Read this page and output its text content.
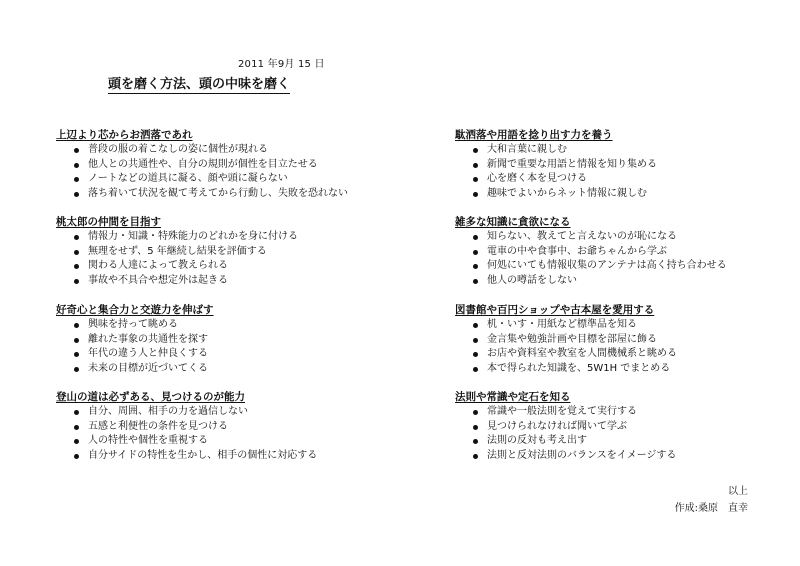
2011 年9月 15 日
頭を磨く方法、頭の中味を磨く
上辺より芯からお洒落であれ
普段の服の着こなしの姿に個性が現れる
他人との共通性や、自分の規則が個性を目立たせる
ノートなどの道具に凝る、顔や頭に凝らない
落ち着いて状況を観て考えてから行動し、失敗を恐れない
桃太郎の仲間を目指す
情報力・知識・特殊能力のどれかを身に付ける
無理をせず、5 年継続し結果を評価する
関わる人達によって教えられる
事故や不具合や想定外は起きる
好奇心と集合力と交遊力を伸ばす
興味を持って眺める
離れた事象の共通性を探す
年代の違う人と仲良くする
未来の目標が近づいてくる
登山の道は必ずある、見つけるのが能力
自分、周囲、相手の力を過信しない
五感と利便性の条件を見つける
人の特性や個性を重視する
自分サイドの特性を生かし、相手の個性に対応する
駄洒落や用語を捻り出す力を養う
大和言葉に親しむ
新聞で重要な用語と情報を知り集める
心を磨く本を見つける
趣味でよいからネット情報に親しむ
雑多な知識に貪欲になる
知らない、教えてと言えないのが恥になる
電車の中や食事中、お爺ちゃんから学ぶ
何処にいても情報収集のアンテナは高く持ち合わせる
他人の噂話をしない
図書館や百円ショップや古本屋を愛用する
机・いす・用紙など標準品を知る
金言集や勉強計画や目標を部屋に飾る
お店や資料室や教室を人間機械系と眺める
本で得られた知識を、5W1H でまとめる
法則や常識や定石を知る
常識や一般法則を覚えて実行する
見つけられなければ聞いて学ぶ
法則の反対も考え出す
法則と反対法則のバランスをイメージする
以上
作成:桑原　直幸
